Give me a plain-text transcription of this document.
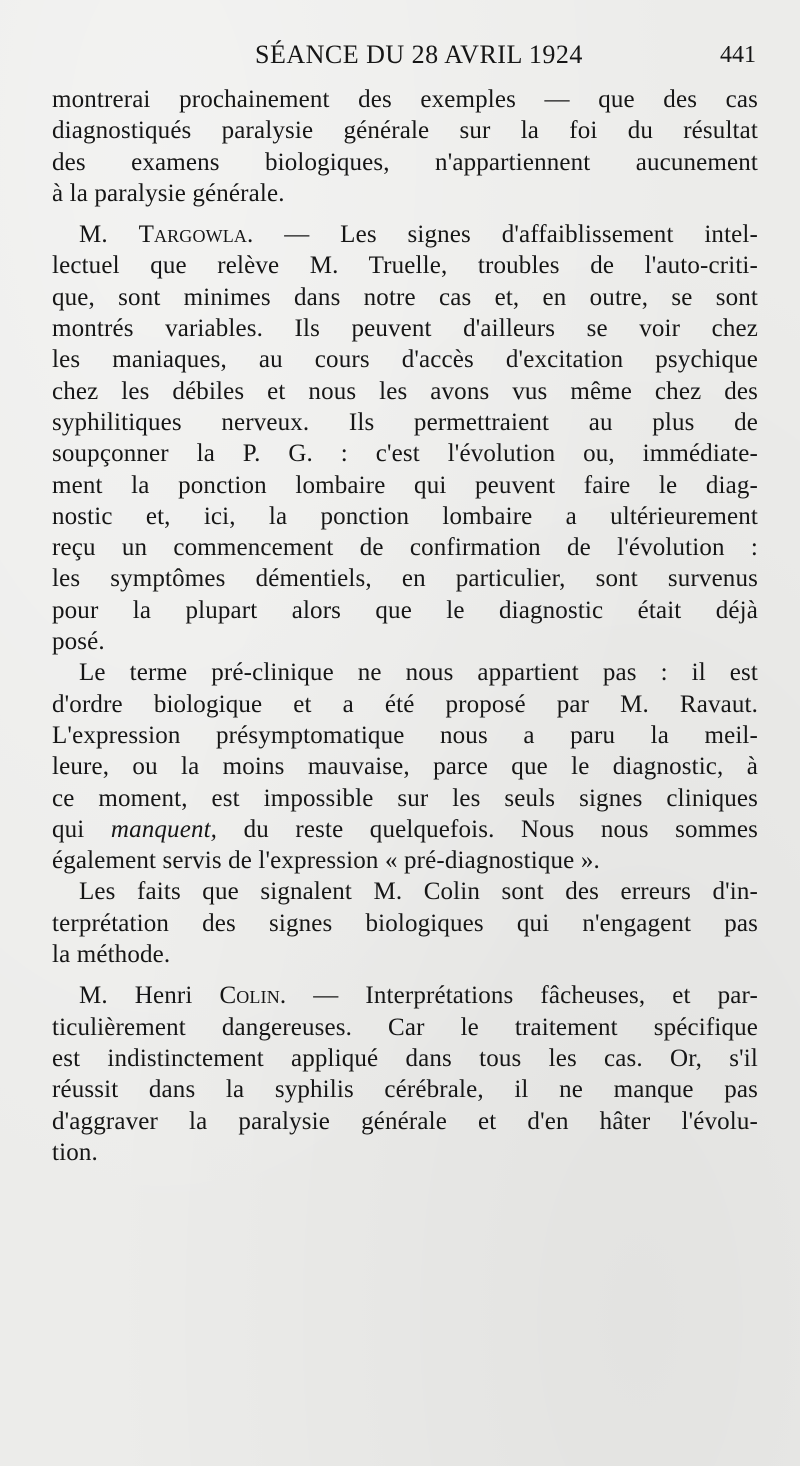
SÉANCE DU 28 AVRIL 1924	441
montrerai prochainement des exemples — que des cas
diagnostiqués paralysie générale sur la foi du résultat
des examens biologiques, n'appartiennent aucunement
à la paralysie générale.
M. Targowla. — Les signes d'affaiblissement intel-
lectuel que relève M. Truelle, troubles de l'auto-criti-
que, sont minimes dans notre cas et, en outre, se sont
montrés variables. Ils peuvent d'ailleurs se voir chez
les maniaques, au cours d'accès d'excitation psychique
chez les débiles et nous les avons vus même chez des
syphilitiques nerveux. Ils permettraient au plus de
soupçonner la P. G. : c'est l'évolution ou, immédiate-
ment la ponction lombaire qui peuvent faire le diag-
nostic et, ici, la ponction lombaire a ultérieurement
reçu un commencement de confirmation de l'évolution :
les symptômes démentiels, en particulier, sont survenus
pour la plupart alors que le diagnostic était déjà
posé.
Le terme pré-clinique ne nous appartient pas : il est
d'ordre biologique et a été proposé par M. Ravaut.
L'expression présymptomatique nous a paru la meil-
leure, ou la moins mauvaise, parce que le diagnostic, à
ce moment, est impossible sur les seuls signes cliniques
qui manquent, du reste quelquefois. Nous nous sommes
également servis de l'expression « pré-diagnostique ».
Les faits que signalent M. Colin sont des erreurs d'in-
terprétation des signes biologiques qui n'engagent pas
la méthode.
M. Henri Colin. — Interprétations fâcheuses, et par-
ticulièrement dangereuses. Car le traitement spécifique
est indistinctement appliqué dans tous les cas. Or, s'il
réussit dans la syphilis cérébrale, il ne manque pas
d'aggraver la paralysie générale et d'en hâter l'évolu-
tion.
